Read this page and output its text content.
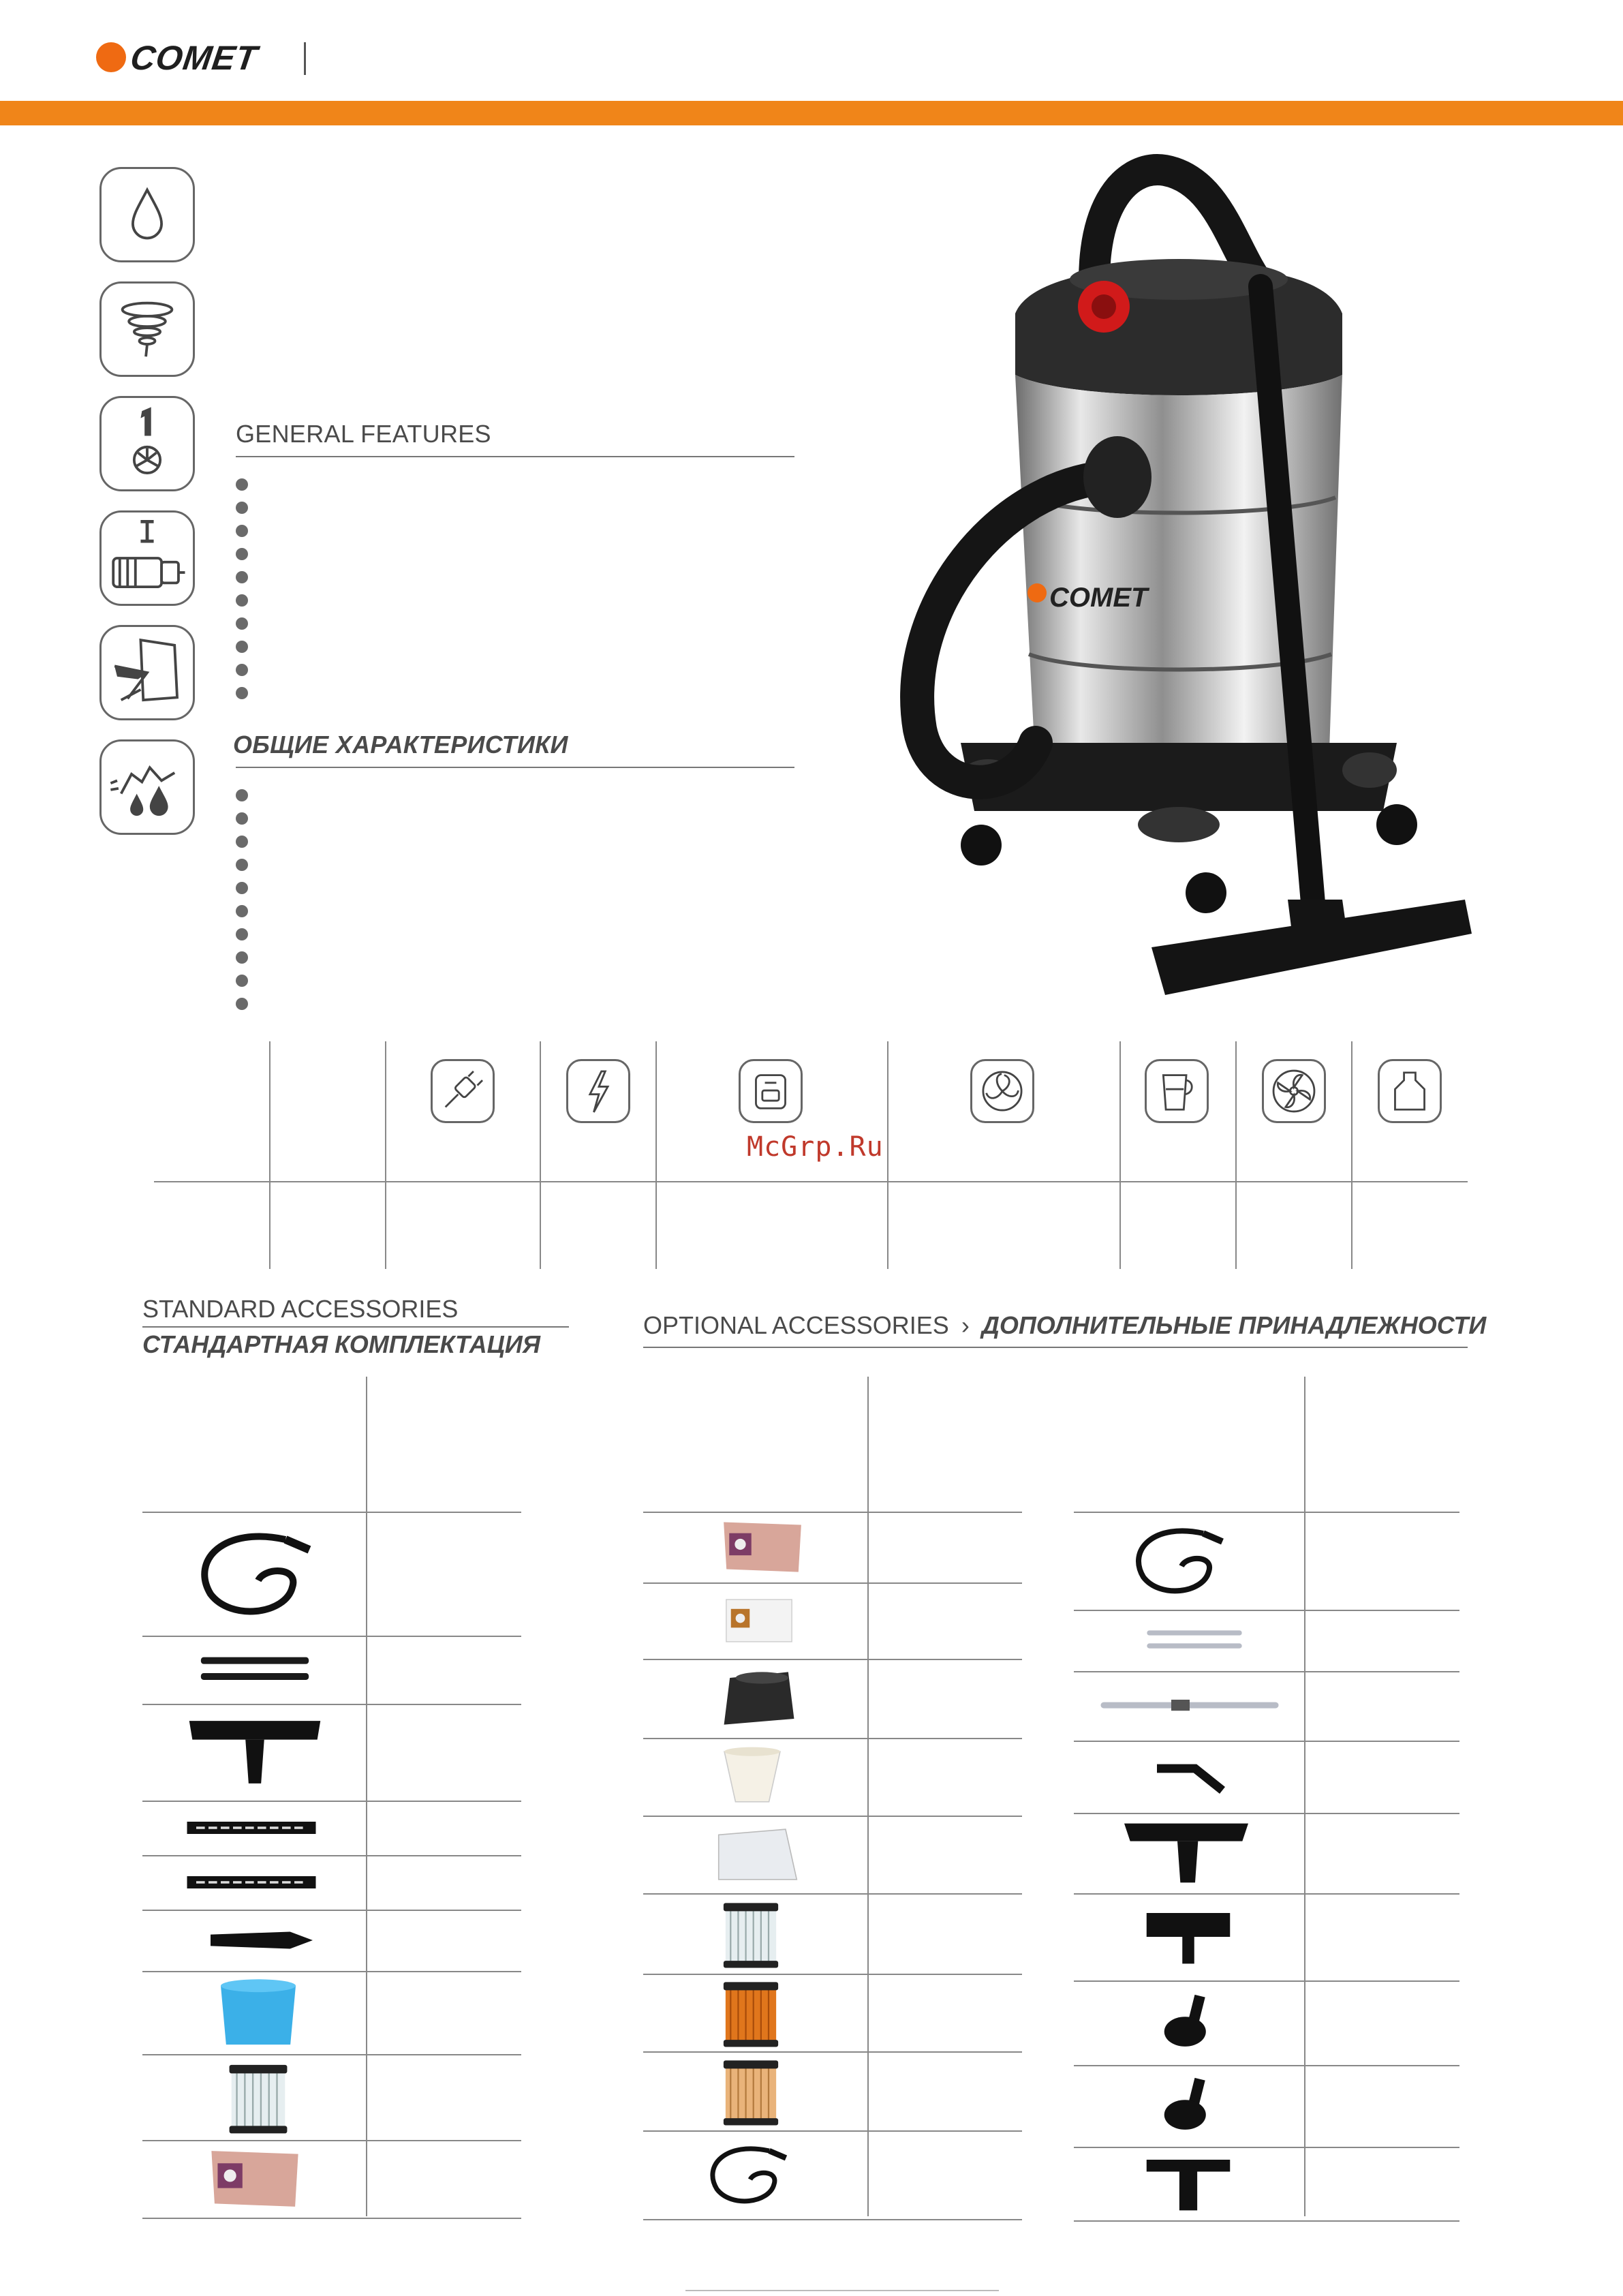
COMET
GENERAL FEATURES
ОБЩИЕ ХАРАКТЕРИСТИКИ
COMET
McGrp.Ru
STANDARD ACCESSORIES
СТАНДАРТНАЯ КОМПЛЕКТАЦИЯ
OPTIONAL ACCESSORIES › ДОПОЛНИТЕЛЬНЫЕ ПРИНАДЛЕЖНОСТИ
